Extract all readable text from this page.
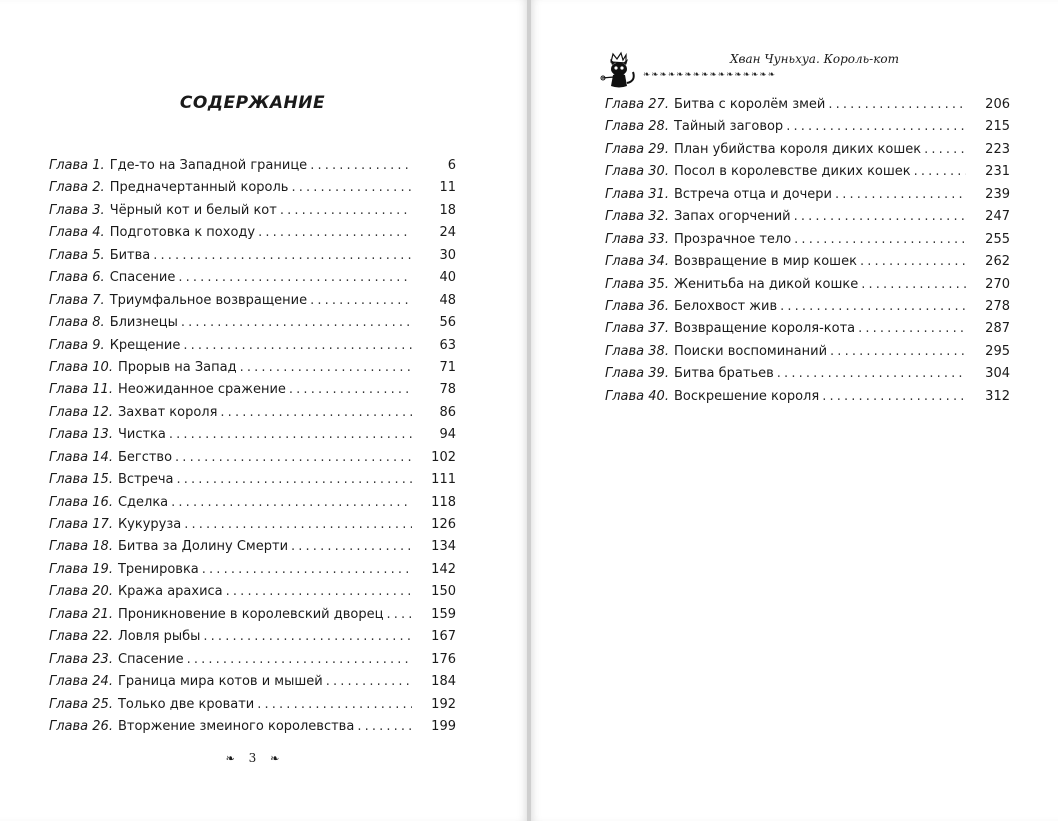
СОДЕРЖАНИЕ
Глава 1. Где-то на Западной границе . . .	6
Глава 2. Предначертанный король . . .	11
Глава 3. Чёрный кот и белый кот . . .	18
Глава 4. Подготовка к походу . . .	24
Глава 5. Битва . . .	30
Глава 6. Спасение . . .	40
Глава 7. Триумфальное возвращение . . .	48
Глава 8. Близнецы . . .	56
Глава 9. Крещение . . .	63
Глава 10. Прорыв на Запад . . .	71
Глава 11. Неожиданное сражение . . .	78
Глава 12. Захват короля . . .	86
Глава 13. Чистка . . .	94
Глава 14. Бегство . . .	102
Глава 15. Встреча . . .	111
Глава 16. Сделка . . .	118
Глава 17. Кукуруза . . .	126
Глава 18. Битва за Долину Смерти . . .	134
Глава 19. Тренировка . . .	142
Глава 20. Кража арахиса . . .	150
Глава 21. Проникновение в королевский дворец . . .	159
Глава 22. Ловля рыбы . . .	167
Глава 23. Спасение . . .	176
Глава 24. Граница мира котов и мышей . . .	184
Глава 25. Только две кровати . . .	192
Глава 26. Вторжение змеиного королевства . . .	199
❧ 3 ❧
❧❧❧❧❧❧❧❧❧❧❧❧❧❧❧❧
Хван Чуньхуа. Король-кот
Глава 27. Битва с королём змей . . .	206
Глава 28. Тайный заговор . . .	215
Глава 29. План убийства короля диких кошек . . .	223
Глава 30. Посол в королевстве диких кошек . . .	231
Глава 31. Встреча отца и дочери . . .	239
Глава 32. Запах огорчений . . .	247
Глава 33. Прозрачное тело . . .	255
Глава 34. Возвращение в мир кошек . . .	262
Глава 35. Женитьба на дикой кошке . . .	270
Глава 36. Белохвост жив . . .	278
Глава 37. Возвращение короля-кота . . .	287
Глава 38. Поиски воспоминаний . . .	295
Глава 39. Битва братьев . . .	304
Глава 40. Воскрешение короля . . .	312
